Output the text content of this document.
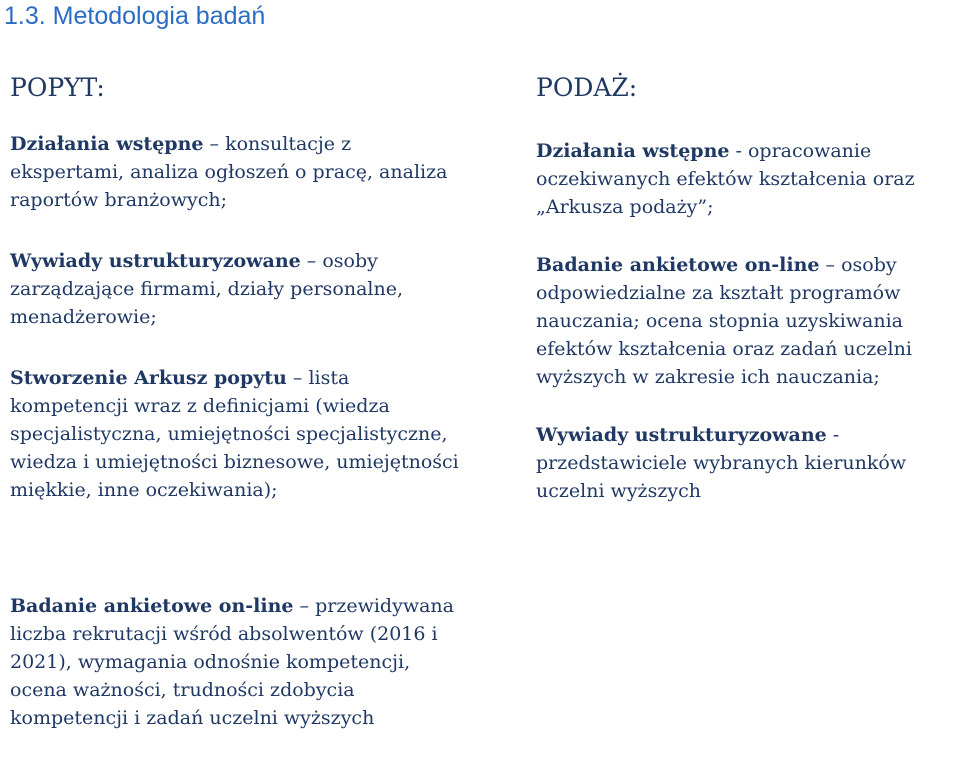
1.3. Metodologia badań
POPYT:

Działania wstępne – konsultacje z ekspertami, analiza ogłoszeń o pracę, analiza raportów branżowych;

Wywiady ustrukturyzowane – osoby zarządzające firmami, działy personalne, menadżerowie;

Stworzenie Arkusz popytu – lista kompetencji wraz z definicjami (wiedza specjalistyczna, umiejętności specjalistyczne, wiedza i umiejętności biznesowe, umiejętności miękkie, inne oczekiwania);

Badanie ankietowe on-line – przewidywana liczba rekrutacji wśród absolwentów (2016 i 2021), wymagania odnośnie kompetencji, ocena ważności, trudności zdobycia kompetencji i zadań uczelni wyższych

PODAŻ:

Działania wstępne - opracowanie oczekiwanych efektów kształcenia oraz „Arkusza podaży”;

Badanie ankietowe on-line – osoby odpowiedzialne za kształt programów nauczania; ocena stopnia uzyskiwania efektów kształcenia oraz zadań uczelni wyższych w zakresie ich nauczania;

Wywiady ustrukturyzowane - przedstawiciele wybranych kierunków uczelni wyższych
